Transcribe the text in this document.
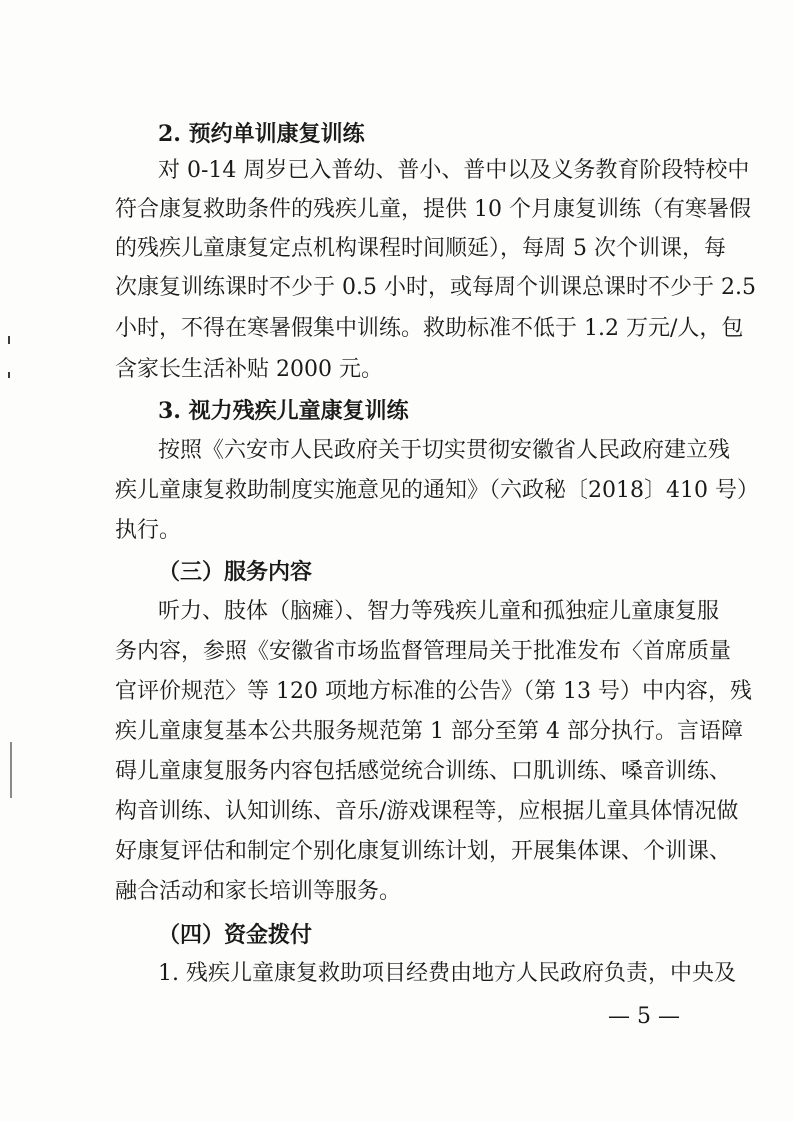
2. 预约单训康复训练
对 0-14 周岁已入普幼、普小、普中以及义务教育阶段特校中
符合康复救助条件的残疾儿童，提供 10 个月康复训练（有寒暑假
的残疾儿童康复定点机构课程时间顺延），每周 5 次个训课，每
次康复训练课时不少于 0.5 小时，或每周个训课总课时不少于 2.5
小时，不得在寒暑假集中训练。救助标准不低于 1.2 万元/人，包
含家长生活补贴 2000 元。
3. 视力残疾儿童康复训练
按照《六安市人民政府关于切实贯彻安徽省人民政府建立残
疾儿童康复救助制度实施意见的通知》（六政秘〔2018〕410 号）
执行。
（三）服务内容
听力、肢体（脑瘫）、智力等残疾儿童和孤独症儿童康复服
务内容，参照《安徽省市场监督管理局关于批准发布〈首席质量
官评价规范〉等 120 项地方标准的公告》（第 13 号）中内容，残
疾儿童康复基本公共服务规范第 1 部分至第 4 部分执行。言语障
碍儿童康复服务内容包括感觉统合训练、口肌训练、嗓音训练、
构音训练、认知训练、音乐/游戏课程等，应根据儿童具体情况做
好康复评估和制定个别化康复训练计划，开展集体课、个训课、
融合活动和家长培训等服务。
（四）资金拨付
1. 残疾儿童康复救助项目经费由地方人民政府负责，中央及
— 5 —
